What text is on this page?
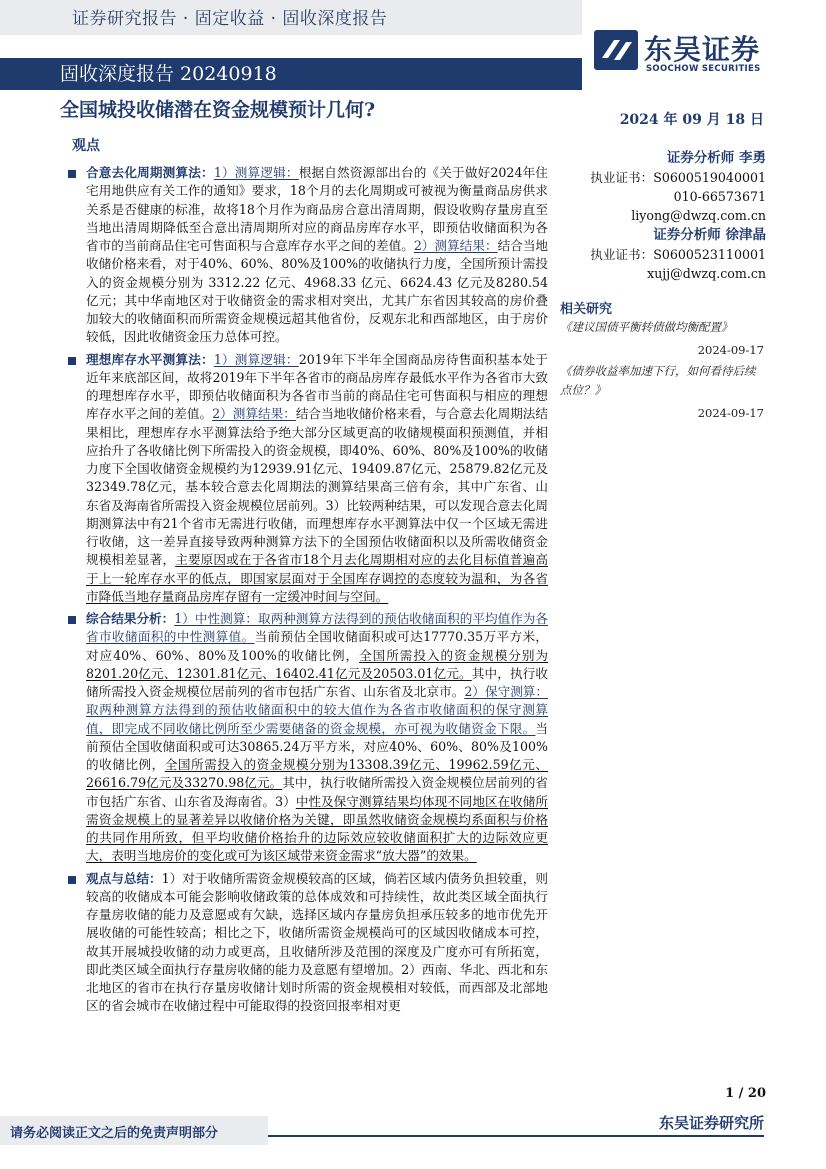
证券研究报告 · 固定收益 · 固收深度报告
固收深度报告 20240918
东吴证券
SOOCHOW SECURITIES
全国城投收储潜在资金规模预计几何?	2024 年 09 月 18 日
观点

合意去化周期测算法：1）测算逻辑：根据自然资源部出台的《关于做好2024年住宅用地供应有关工作的通知》要求，18个月的去化周期或可被视为衡量商品房供求关系是否健康的标准，故将18个月作为商品房合意出清周期，假设收购存量房直至当地出清周期降低至合意出清周期所对应的商品房库存水平，即预估收储面积为各省市的当前商品住宅可售面积与合意库存水平之间的差值。2）测算结果：结合当地收储价格来看，对于40%、60%、80%及100%的收储执行力度，全国所预计需投入的资金规模分别为 3312.22 亿元、4968.33 亿元、6624.43 亿元及8280.54 亿元；其中华南地区对于收储资金的需求相对突出，尤其广东省因其较高的房价叠加较大的收储面积而所需资金规模远超其他省份，反观东北和西部地区，由于房价较低，因此收储资金压力总体可控。

理想库存水平测算法：1）测算逻辑：2019年下半年全国商品房待售面积基本处于近年来底部区间，故将2019年下半年各省市的商品房库存最低水平作为各省市大致的理想库存水平，即预估收储面积为各省市当前的商品住宅可售面积与相应的理想库存水平之间的差值。2）测算结果：结合当地收储价格来看，与合意去化周期法结果相比，理想库存水平测算法给予绝大部分区域更高的收储规模面积预测值，并相应抬升了各收储比例下所需投入的资金规模，即40%、60%、80%及100%的收储力度下全国收储资金规模约为12939.91亿元、19409.87亿元、25879.82亿元及32349.78亿元，基本较合意去化周期法的测算结果高三倍有余，其中广东省、山东省及海南省所需投入资金规模位居前列。3）比较两种结果，可以发现合意去化周期测算法中有21个省市无需进行收储，而理想库存水平测算法中仅一个区域无需进行收储，这一差异直接导致两种测算方法下的全国预估收储面积以及所需收储资金规模相差显著，主要原因或在于各省市18个月去化周期相对应的去化目标值普遍高于上一轮库存水平的低点，即国家层面对于全国库存调控的态度较为温和，为各省市降低当地存量商品房库存留有一定缓冲时间与空间。

综合结果分析：1）中性测算：取两种测算方法得到的预估收储面积的平均值作为各省市收储面积的中性测算值。当前预估全国收储面积或可达17770.35万平方米，对应40%、60%、80%及100%的收储比例，全国所需投入的资金规模分别为8201.20亿元、12301.81亿元、16402.41亿元及20503.01亿元。其中，执行收储所需投入资金规模位居前列的省市包括广东省、山东省及北京市。2）保守测算：取两种测算方法得到的预估收储面积中的较大值作为各省市收储面积的保守测算值，即完成不同收储比例所至少需要储备的资金规模，亦可视为收储资金下限。当前预估全国收储面积或可达30865.24万平方米，对应40%、60%、80%及100%的收储比例，全国所需投入的资金规模分别为13308.39亿元、19962.59亿元、26616.79亿元及33270.98亿元。其中，执行收储所需投入资金规模位居前列的省市包括广东省、山东省及海南省。3）中性及保守测算结果均体现不同地区在收储所需资金规模上的显著差异以收储价格为关键，即虽然收储资金规模均系面积与价格的共同作用所致，但平均收储价格抬升的边际效应较收储面积扩大的边际效应更大，表明当地房价的变化或可为该区域带来资金需求“放大器”的效果。

观点与总结：1）对于收储所需资金规模较高的区域，倘若区域内债务负担较重，则较高的收储成本可能会影响收储政策的总体成效和可持续性，故此类区域全面执行存量房收储的能力及意愿或有欠缺，选择区域内存量房负担承压较多的地市优先开展收储的可能性较高；相比之下，收储所需资金规模尚可的区域因收储成本可控，故其开展城投收储的动力或更高，且收储所涉及范围的深度及广度亦可有所拓宽，即此类区域全面执行存量房收储的能力及意愿有望增加。2）西南、华北、西北和东北地区的省市在执行存量房收储计划时所需的资金规模相对较低，而西部及北部地区的省会城市在收储过程中可能取得的投资回报率相对更

证券分析师 李勇
执业证书：S0600519040001
010-66573671
liyong@dwzq.com.cn
证券分析师 徐津晶
执业证书：S0600523110001
xujj@dwzq.com.cn
相关研究
《建议国债平衡转债做均衡配置》
2024-09-17
《债券收益率加速下行，如何看待后续点位？》
2024-09-17
1 / 20
请务必阅读正文之后的免责声明部分
东吴证券研究所
